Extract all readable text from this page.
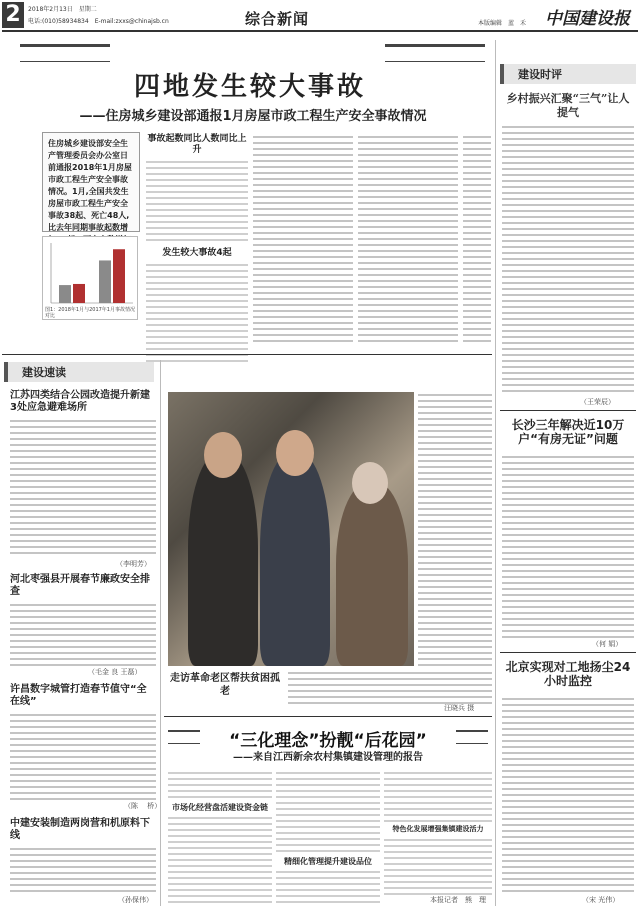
2	2018年2月13日　星期二
电话:(010)58934834　E-mail:zxxs@chinajsb.cn	综合新闻	本版编辑　蓝　禾 中国建设报
四地发生较大事故
——住房城乡建设部通报1月房屋市政工程生产安全事故情况
住房城乡建设部安全生产管理委员会办公室日前通报2018年1月房屋市政工程生产安全事故情况。1月,全国共发生房屋市政工程生产安全事故38起、死亡48人,比去年同期事故起数增
图1：2018年1月与2017年1月事故情况对比
事故起数同比人数同比上升
发生较大事故4起
建设时评
乡村振兴汇聚“三气”让人提气
（王荣辰）
长沙三年解决近10万户“有房无证”问题
（何 娟）
北京实现对工地扬尘24小时监控
（宋 光伟）
建设速读
江苏四类结合公园改造提升新建3处应急避难场所
（李明芳）
河北枣强县开展春节廉政安全排查
（毛金 良 王磊）
许昌数字城管打造春节值守“全在线”
（陈 　桥）
中建安装制造两岗营和机原料下线
（孙保伟）
走访革命老区帮扶贫困孤老
汪晓兵 摄
“三化理念”扮靓“后花园”
——来自江西新余农村集镇建设管理的报告
市场化经营盘活建设资金链
精细化管理提升建设品位
特色化发展增强集镇建设活力
本报记者　熊　理
